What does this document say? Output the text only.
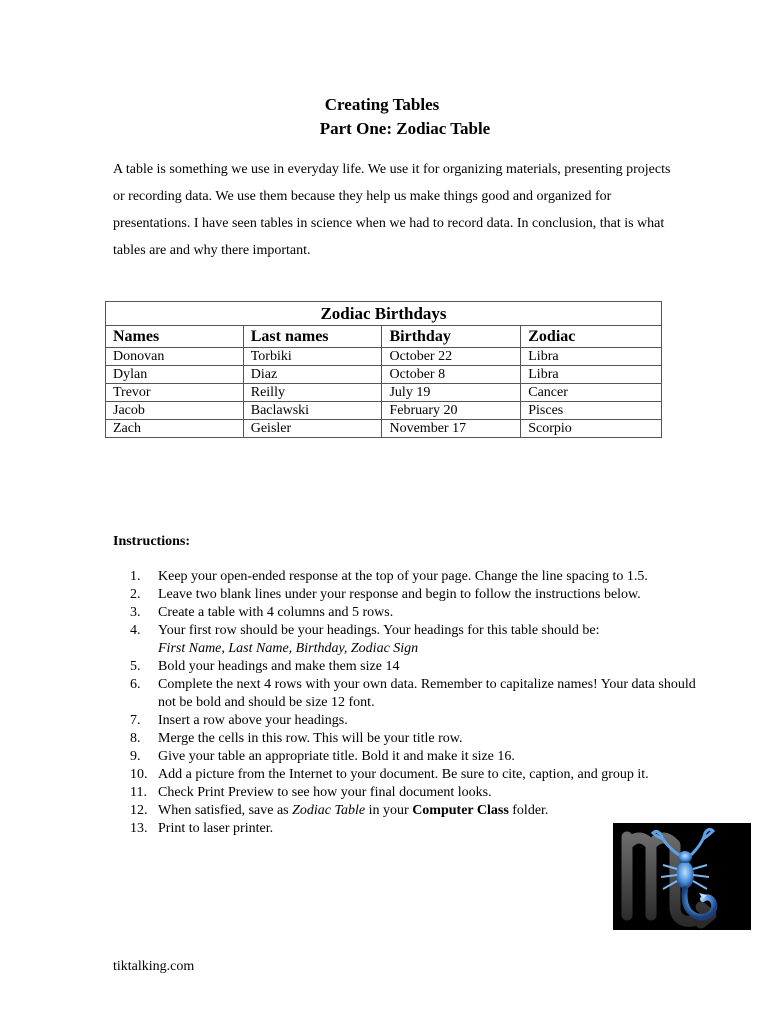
Creating Tables
Part One: Zodiac Table

A table is something we use in everyday life. We use it for organizing materials, presenting projects or recording data. We use them because they help us make things good and organized for presentations. I have seen tables in science when we had to record data. In conclusion, that is what tables are and why there important.

Zodiac Birthdays			
Names	Last names	Birthday	Zodiac
Donovan	Torbiki	October 22	Libra
Dylan	Diaz	October 8	Libra
Trevor	Reilly	July 19	Cancer
Jacob	Baclawski	February 20	Pisces
Zach	Geisler	November 17	Scorpio

Instructions:

1. Keep your open-ended response at the top of your page. Change the line spacing to 1.5.
2. Leave two blank lines under your response and begin to follow the instructions below.
3. Create a table with 4 columns and 5 rows.
4. Your first row should be your headings. Your headings for this table should be:
First Name, Last Name, Birthday, Zodiac Sign
5. Bold your headings and make them size 14
6. Complete the next 4 rows with your own data. Remember to capitalize names! Your data should not be bold and should be size 12 font.
7. Insert a row above your headings.
8. Merge the cells in this row. This will be your title row.
9. Give your table an appropriate title. Bold it and make it size 16.
10. Add a picture from the Internet to your document. Be sure to cite, caption, and group it.
11. Check Print Preview to see how your final document looks.
12. When satisfied, save as Zodiac Table in your Computer Class folder.
13. Print to laser printer.

tiktalking.com
